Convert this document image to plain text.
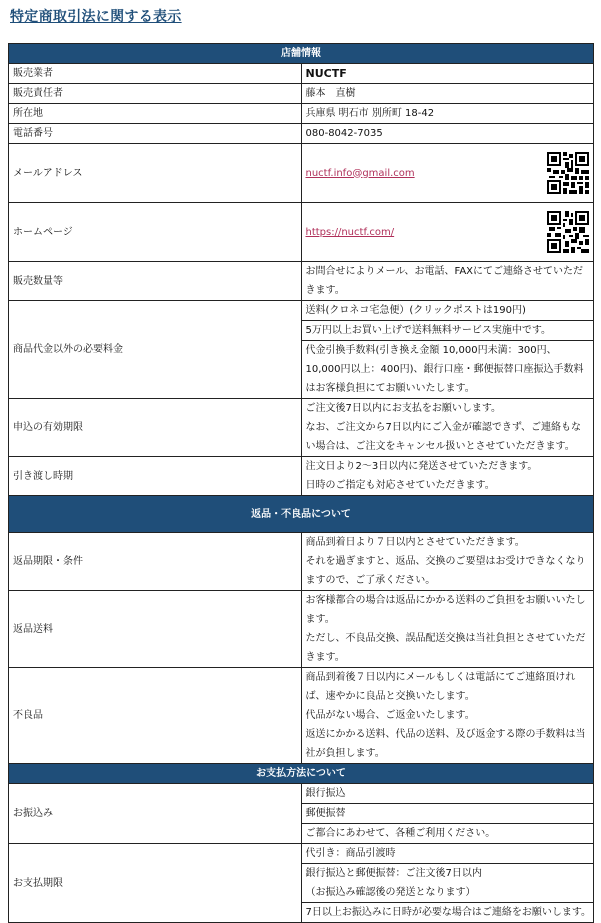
特定商取引法に関する表示
店舗情報	
販売業者	NUCTF
販売責任者	藤本　直樹
所在地	兵庫県 明石市 別所町 18-42
電話番号	080-8042-7035
メールアドレス	nuctf.info@gmail.com

ホームページ	https://nuctf.com/

販売数量等	お問合せによりメール、お電話、FAXにてご連絡させていただきます。
商品代金以外の必要料金	送料(クロネコ宅急便）(クリックポストは190円)
5万円以上お買い上げで送料無料サービス実施中です。
代金引換手数料(引き換え金額 10,000円未満：300円、10,000円以上：400円)、銀行口座・郵便振替口座振込手数料はお客様負担にてお願いいたします。

申込の有効期限	ご注文後7日以内にお支払をお願いします。
なお、ご注文から7日以内にご入金が確認できず、ご連絡もない場合は、ご注文をキャンセル扱いとさせていただきます。

引き渡し時期	注文日より2〜3日以内に発送させていただきます。
日時のご指定も対応させていただきます。

返品・不良品について	
返品期限・条件	商品到着日より７日以内とさせていただきます。
それを過ぎますと、返品、交換のご要望はお受けできなくなりますので、ご了承ください。

返品送料	お客様都合の場合は返品にかかる送料のご負担をお願いいたします。
ただし、不良品交換、誤品配送交換は当社負担とさせていただきます。

不良品	商品到着後７日以内にメールもしくは電話にてご連絡頂ければ、速やかに良品と交換いたします。
代品がない場合、ご返金いたします。
返送にかかる送料、代品の送料、及び返金する際の手数料は当社が負担します。

お支払方法について	
お振込み	銀行振込
郵便振替
ご都合にあわせて、各種ご利用ください。

お支払期限	代引き：商品引渡時
銀行振込と郵便振替：ご注文後7日以内
（お振込み確認後の発送となります）
7日以上お振込みに日時が必要な場合はご連絡をお願いします。
